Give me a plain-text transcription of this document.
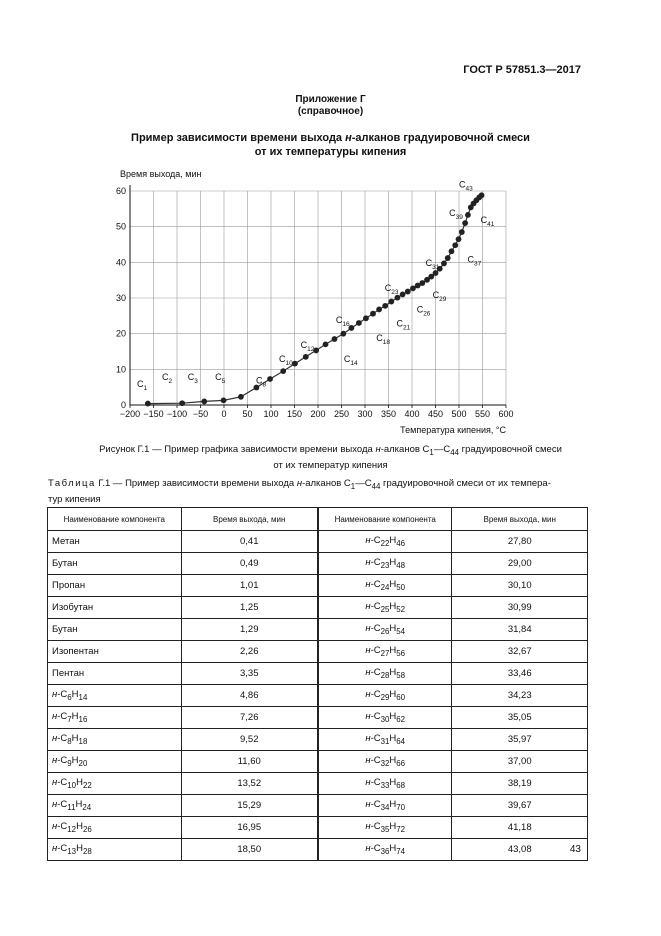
ГОСТ Р 57851.3—2017
Приложение Г
(справочное)
Пример зависимости времени выхода н-алканов градуировочной смеси
от их температуры кипения
−200 −150 −100 −50 0 50 100 150 200 250 300 350 400 450 500 550 600
0
10
20
30
40
50
60
Время выхода, мин
Температура кипения, °С
$C_1$
$C_2$ $C_3$ $C_5$	$C_8$
$C_{10}$
$C_{12}$
$C_{14}$
$C_{16}$
$C_{18}$
$C_{21}$
$C_{23}$
$C_{26}$
$C_{29}$
$C_{31}$
$C_{37}$
$C_{39}$ $C_{41}$
$C_{43}$
Рисунок Г.1 — Пример графика зависимости времени выхода н-алканов $С_1—С_{44}$ градуировочной смеси
от их температур кипения
Таблица Г.1 — Пример зависимости времени выхода н-алканов $С_1—С_{44}$ градуировочной смеси от их темпера-
тур кипения
Наименование компонента	Время выхода, мин	Наименование компонента	Время выхода, мин
Метан	0,41	$н-С_{22}Н_{46}$	27,80
Бутан	0,49	$н-С_{23}Н_{48}$	29,00
Пропан	1,01	$н-С_{24}Н_{50}$	30,10
Изобутан	1,25	$н-С_{25}Н_{52}$	30,99
Бутан	1,29	$н-С_{26}Н_{54}$	31,84
Изопентан	2,26	$н-С_{27}Н_{56}$	32,67
Пентан	3,35	$н-С_{28}Н_{58}$	33,46
$н-С_6Н_{14}$	4,86	$н-С_{29}Н_{60}$	34,23
$н-С_7Н_{16}$	7,26	$н-С_{30}Н_{62}$	35,05
$н-С_8Н_{18}$	9,52	$н-С_{31}Н_{64}$	35,97
$н-С_9Н_{20}$	11,60	$н-С_{32}Н_{66}$	37,00
$н-С_{10}Н_{22}$	13,52	$н-С_{33}Н_{68}$	38,19
$н-С_{11}Н_{24}$	15,29	$н-С_{34}Н_{70}$	39,67
$н-С_{12}Н_{26}$	16,95	$н-С_{35}Н_{72}$	41,18
$н-С_{13}Н_{28}$	18,50	$н-С_{36}Н_{74}$	43,08	43
